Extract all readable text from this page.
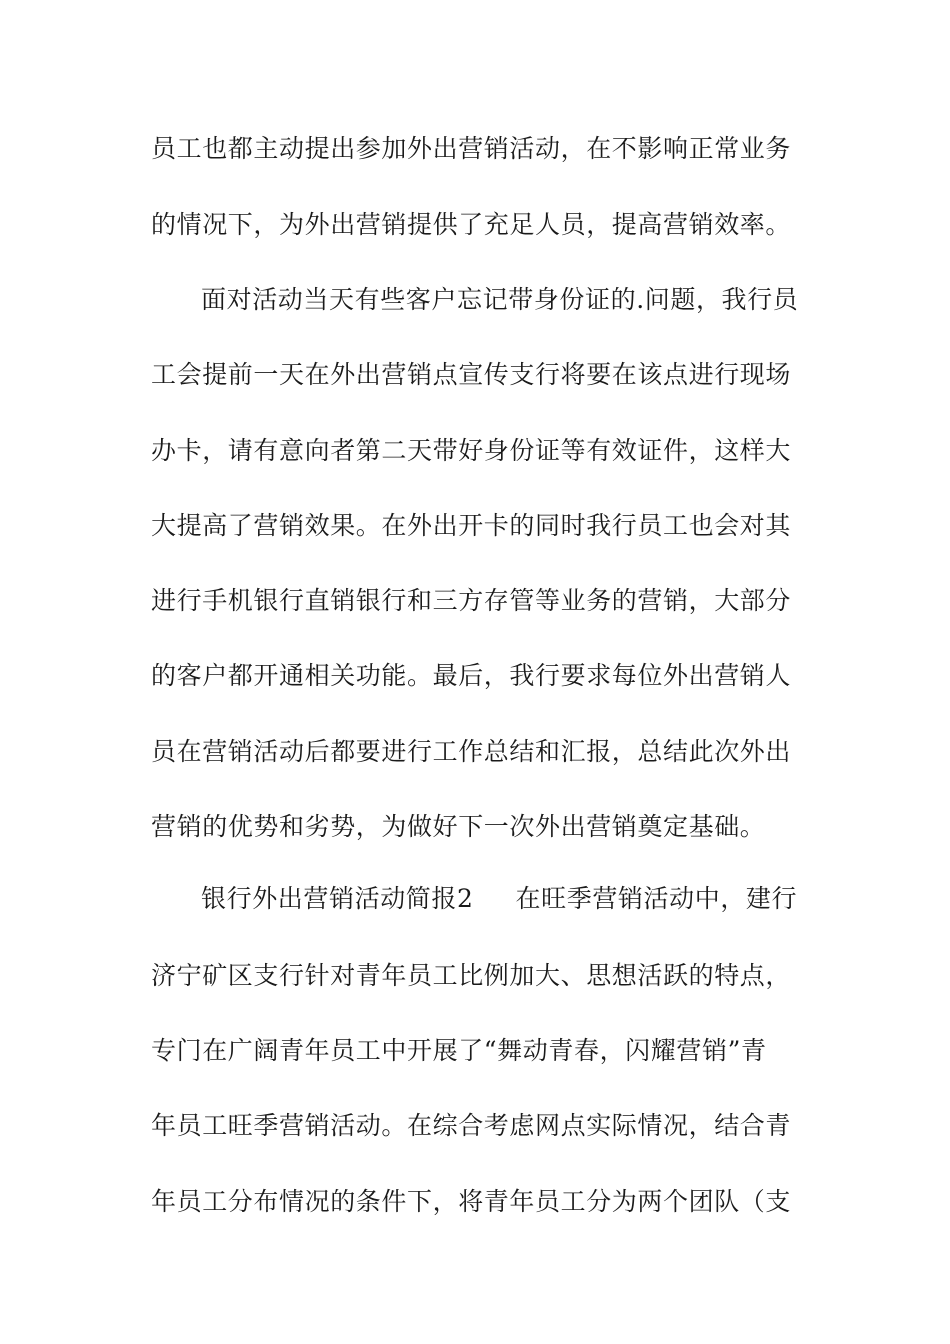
员工也都主动提出参加外出营销活动，在不影响正常业务
的情况下，为外出营销提供了充足人员，提高营销效率。
面对活动当天有些客户忘记带身份证的.问题，我行员
工会提前一天在外出营销点宣传支行将要在该点进行现场
办卡，请有意向者第二天带好身份证等有效证件，这样大
大提高了营销效果。在外出开卡的同时我行员工也会对其
进行手机银行直销银行和三方存管等业务的营销，大部分
的客户都开通相关功能。最后，我行要求每位外出营销人
员在营销活动后都要进行工作总结和汇报，总结此次外出
营销的优势和劣势，为做好下一次外出营销奠定基础。
银行外出营销活动简报2 在旺季营销活动中，建行
济宁矿区支行针对青年员工比例加大、思想活跃的特点，
专门在广阔青年员工中开展了“舞动青春，闪耀营销”青
年员工旺季营销活动。在综合考虑网点实际情况，结合青
年员工分布情况的条件下，将青年员工分为两个团队（支
